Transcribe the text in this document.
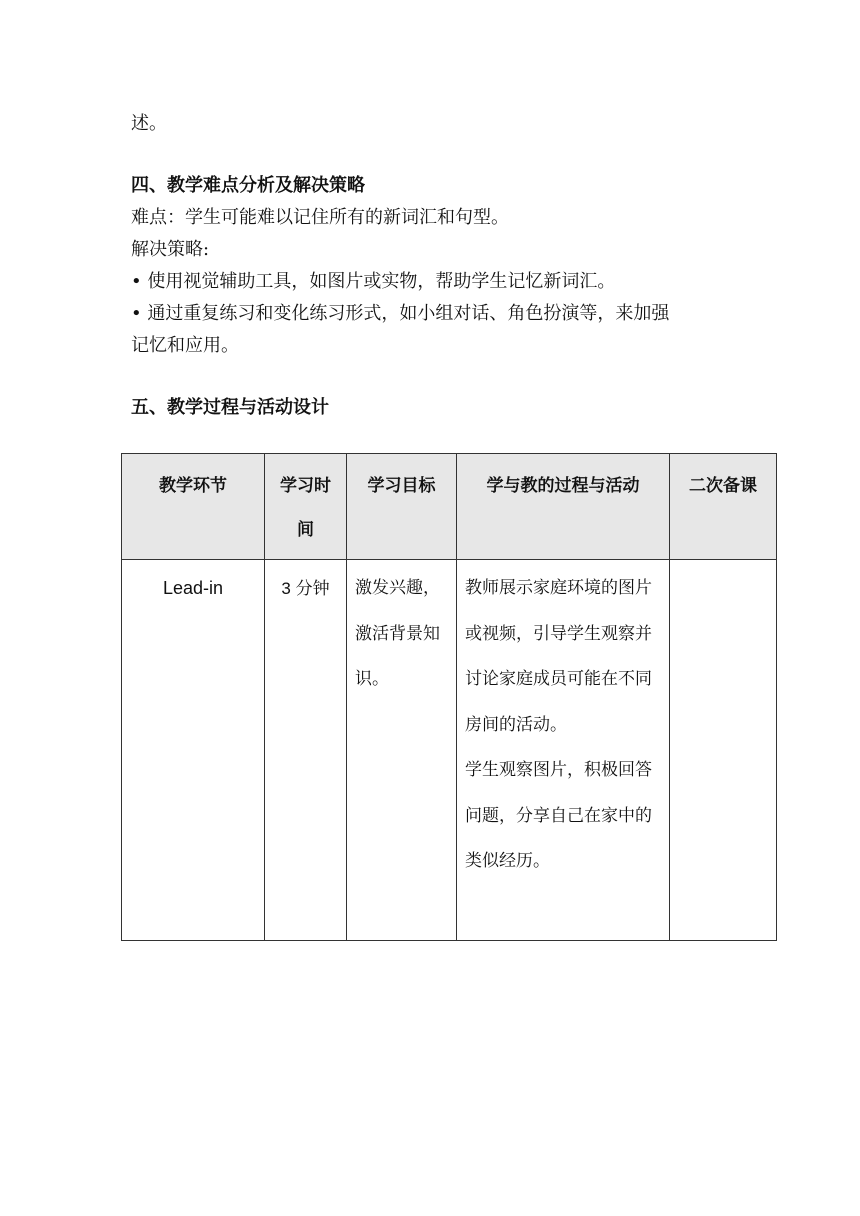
述。
四、教学难点分析及解决策略
难点：学生可能难以记住所有的新词汇和句型。
解决策略:
• 使用视觉辅助工具，如图片或实物，帮助学生记忆新词汇。
• 通过重复练习和变化练习形式，如小组对话、角色扮演等，来加强
记忆和应用。
五、教学过程与活动设计
教学环节	学习时间	学习目标	学与教的过程与活动	二次备课
Lead-in	3 分钟	激发兴趣，激活背景知识。	教师展示家庭环境的图片或视频，引导学生观察并讨论家庭成员可能在不同房间的活动。
学生观察图片，积极回答问题，分享自己在家中的类似经历。	
